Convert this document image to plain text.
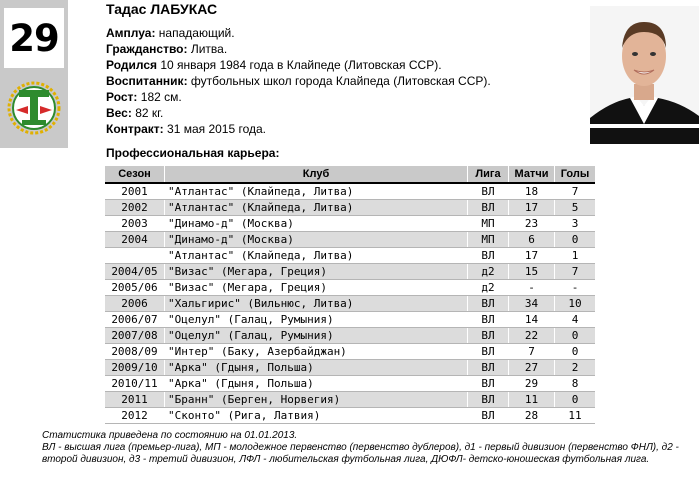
29
Тадас ЛАБУКАС
Амплуа: нападающий.
Гражданство: Литва.
Родился 10 января 1984 года в Клайпеде (Литовская ССР).
Воспитанник: футбольных школ города Клайпеда (Литовская ССР).
Рост: 182 см.
Вес: 82 кг.
Контракт: 31 мая 2015 года.
Профессиональная карьера:
Сезон	Клуб	Лига	Матчи	Голы
2001	"Атлантас" (Клайпеда, Литва)	ВЛ	18	7
2002	"Атлантас" (Клайпеда, Литва)	ВЛ	17	5
2003	"Динамо-д" (Москва)	МП	23	3
2004	"Динамо-д" (Москва)	МП	6	0
	"Атлантас" (Клайпеда, Литва)	ВЛ	17	1
2004/05	"Визас" (Мегара, Греция)	д2	15	7
2005/06	"Визас" (Мегара, Греция)	д2	-	-
2006	"Хальгирис" (Вильнюс, Литва)	ВЛ	34	10
2006/07	"Оцелул" (Галац, Румыния)	ВЛ	14	4
2007/08	"Оцелул" (Галац, Румыния)	ВЛ	22	0
2008/09	"Интер" (Баку, Азербайджан)	ВЛ	7	0
2009/10	"Арка" (Гдыня, Польша)	ВЛ	27	2
2010/11	"Арка" (Гдыня, Польша)	ВЛ	29	8
2011	"Бранн" (Берген, Норвегия)	ВЛ	11	0
2012	"Сконто" (Рига, Латвия)	ВЛ	28	11
Статистика приведена по состоянию на 01.01.2013.
ВЛ - высшая лига (премьер-лига), МП - молодежное первенство (первенство дублеров), д1 - первый дивизион (первенство ФНЛ), д2 - второй дивизион, д3 - третий дивизион, ЛФЛ - любительская футбольная лига, ДЮФЛ- детско-юношеская футбольная лига.
